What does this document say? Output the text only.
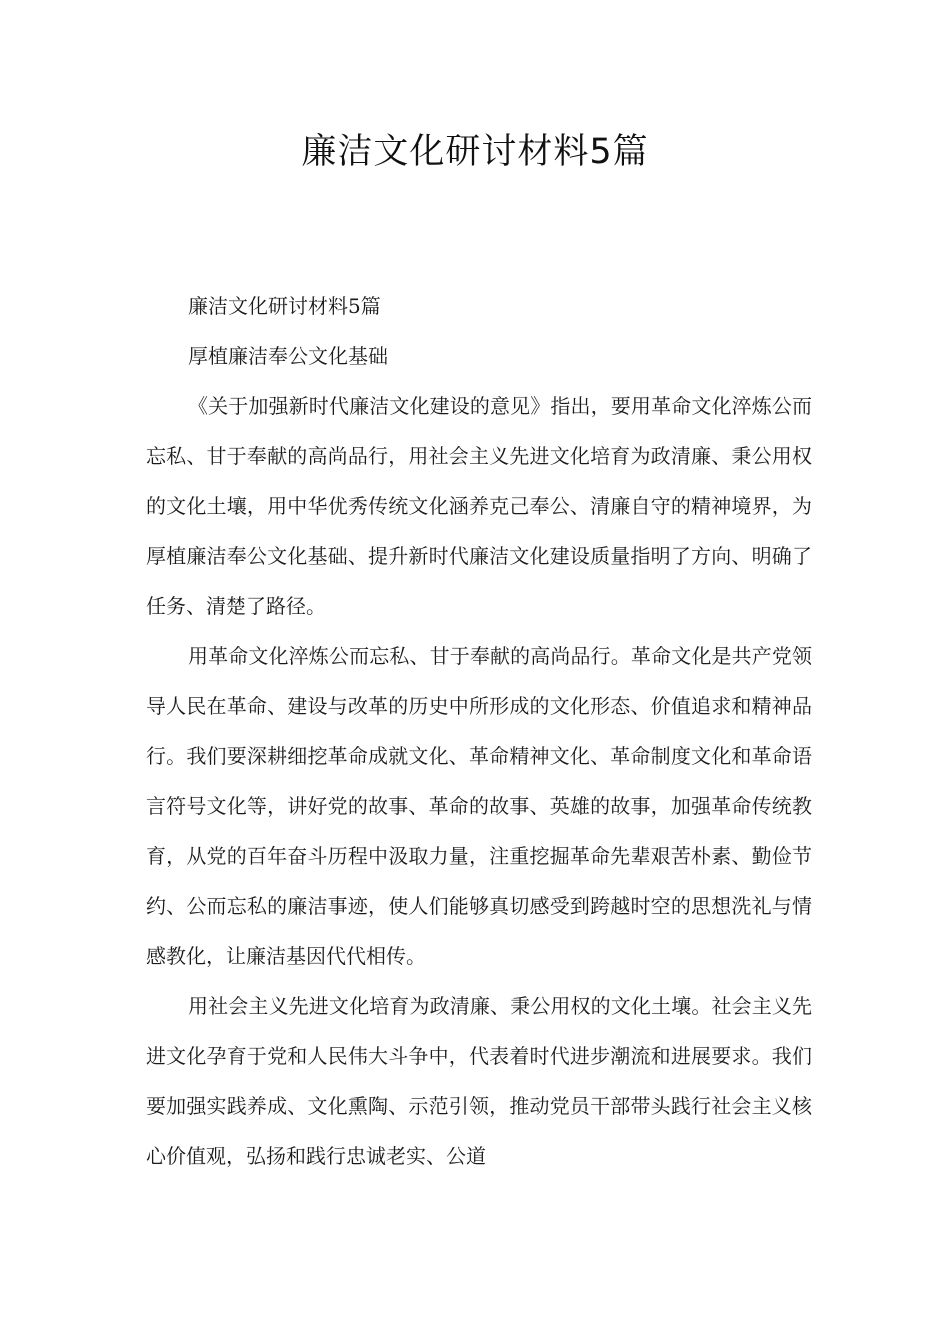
廉洁文化研讨材料5篇

廉洁文化研讨材料5篇

厚植廉洁奉公文化基础

《关于加强新时代廉洁文化建设的意见》指出，要用革命文化淬炼公而忘私、甘于奉献的高尚品行，用社会主义先进文化培育为政清廉、秉公用权的文化土壤，用中华优秀传统文化涵养克己奉公、清廉自守的精神境界，为厚植廉洁奉公文化基础、提升新时代廉洁文化建设质量指明了方向、明确了任务、清楚了路径。

用革命文化淬炼公而忘私、甘于奉献的高尚品行。革命文化是共产党领导人民在革命、建设与改革的历史中所形成的文化形态、价值追求和精神品行。我们要深耕细挖革命成就文化、革命精神文化、革命制度文化和革命语言符号文化等，讲好党的故事、革命的故事、英雄的故事，加强革命传统教育，从党的百年奋斗历程中汲取力量，注重挖掘革命先辈艰苦朴素、勤俭节约、公而忘私的廉洁事迹，使人们能够真切感受到跨越时空的思想洗礼与情感教化，让廉洁基因代代相传。

用社会主义先进文化培育为政清廉、秉公用权的文化土壤。社会主义先进文化孕育于党和人民伟大斗争中，代表着时代进步潮流和进展要求。我们要加强实践养成、文化熏陶、示范引领，推动党员干部带头践行社会主义核心价值观，弘扬和践行忠诚老实、公道
